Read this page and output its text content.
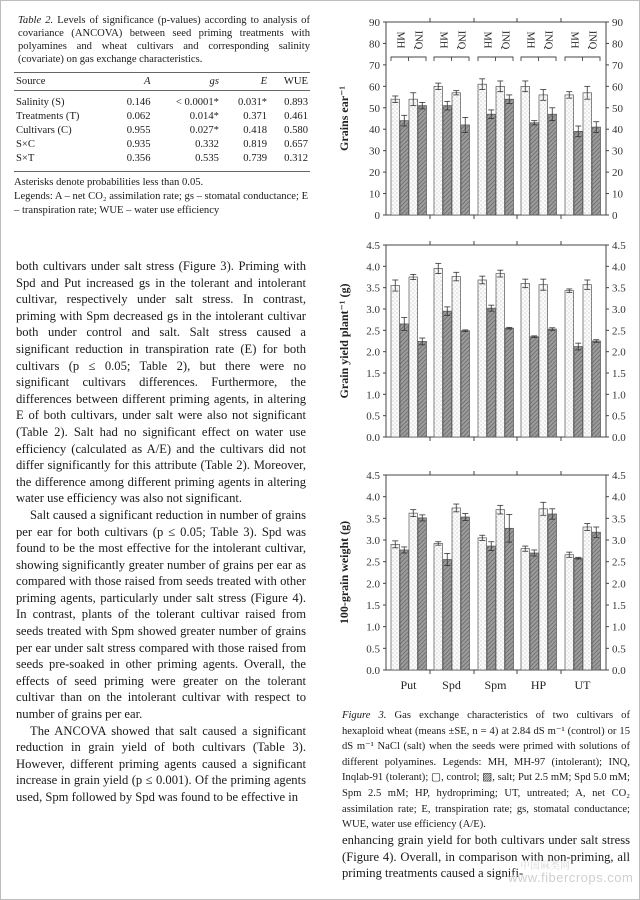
Table 2. Levels of significance (p-values) according to analysis of covariance (ANCOVA) between seed priming treatments with polyamines and wheat cultivars and corresponding salinity (covariate) on gas exchange characteristics.
Source	A	gs	E	WUE
Salinity (S)	0.146	< 0.0001*	0.031*	0.893
Treatments (T)	0.062	0.014*	0.371	0.461
Cultivars (C)	0.955	0.027*	0.418	0.580
S×C	0.935	0.332	0.819	0.657
S×T	0.356	0.535	0.739	0.312
Asterisks denote probabilities less than 0.05.
Legends: A – net CO₂ assimilation rate; gs – stomatal conductance; E – transpiration rate; WUE – water use efficiency

both cultivars under salt stress (Figure 3). Priming with Spd and Put increased gs in the tolerant and intolerant cultivar, respectively under salt stress. In contrast, priming with Spm decreased gs in the intolerant cultivar both under control and salt. Salt stress caused a significant reduction in transpiration rate (E) for both cultivars (p ≤ 0.05; Table 2), but there were no significant cultivars differences. Furthermore, the differences between different priming agents, in altering E of both cultivars, under salt were also not significant (Table 2). Salt had no significant effect on water use efficiency (calculated as A/E) and the cultivars did not differ significantly for this attribute (Table 2). Moreover, the difference among different priming agents in altering water use efficiency was also not significant.

Salt caused a significant reduction in number of grains per ear for both cultivars (p ≤ 0.05; Table 3). Spd was found to be the most effective for the intolerant cultivar, showing significantly greater number of grains per ear as compared with those raised from seeds treated with other priming agents, particularly under salt stress (Figure 4). In contrast, plants of the tolerant cultivar raised from seeds treated with Spm showed greater number of grains per ear under salt stress compared with those raised from seeds pre-soaked in other priming agents. Overall, the effects of seed priming were greater on the tolerant cultivar than on the intolerant cultivar with respect to number of grains per ear.

The ANCOVA showed that salt caused a significant reduction in grain yield of both cultivars (Table 3). However, different priming agents caused a significant increase in grain yield (p ≤ 0.001). Of the priming agents used, Spm followed by Spd was found to be effective in

0	0
10	10
20	20
30	30
40	40
50	50
60	60
70	70
80	80
90	90
Grains ear⁻¹
MH INQ MH INQ MH INQ MH INQ MH INQ
0.0	0.0
0.5	0.5
1.0	1.0
1.5	1.5
2.0	2.0
2.5	2.5
3.0	3.0
3.5	3.5
4.0	4.0
4.5	4.5
Grain yield plant⁻¹ (g)
0.0	0.0
0.5	0.5
1.0	1.0
1.5	1.5
2.0	2.0
2.5	2.5
3.0	3.0
3.5	3.5
4.0	4.0
4.5	4.5
100-grain weight (g)
Put Spd Spm HP UT
Figure 3. Gas exchange characteristics of two cultivars of hexaploid wheat (means ±SE, n = 4) at 2.84 dS m⁻¹ (control) or 15 dS m⁻¹ NaCl (salt) when the seeds were primed with solutions of different polyamines. Legends: MH, MH-97 (intolerant); INQ, Inqlab-91 (tolerant); ▢, control; ▨, salt; Put 2.5 mM; Spd 5.0 mM; Spm 2.5 mM; HP, hydropriming; UT, untreated; A, net CO₂ assimilation rate; E, transpiration rate; gs, stomatal conductance; WUE, water use efficiency (A/E).

enhancing grain yield for both cultivars under salt stress (Figure 4). Overall, in comparison with non-priming, all priming treatments caused a signifi-

中国麻类网
www.fibercrops.com
